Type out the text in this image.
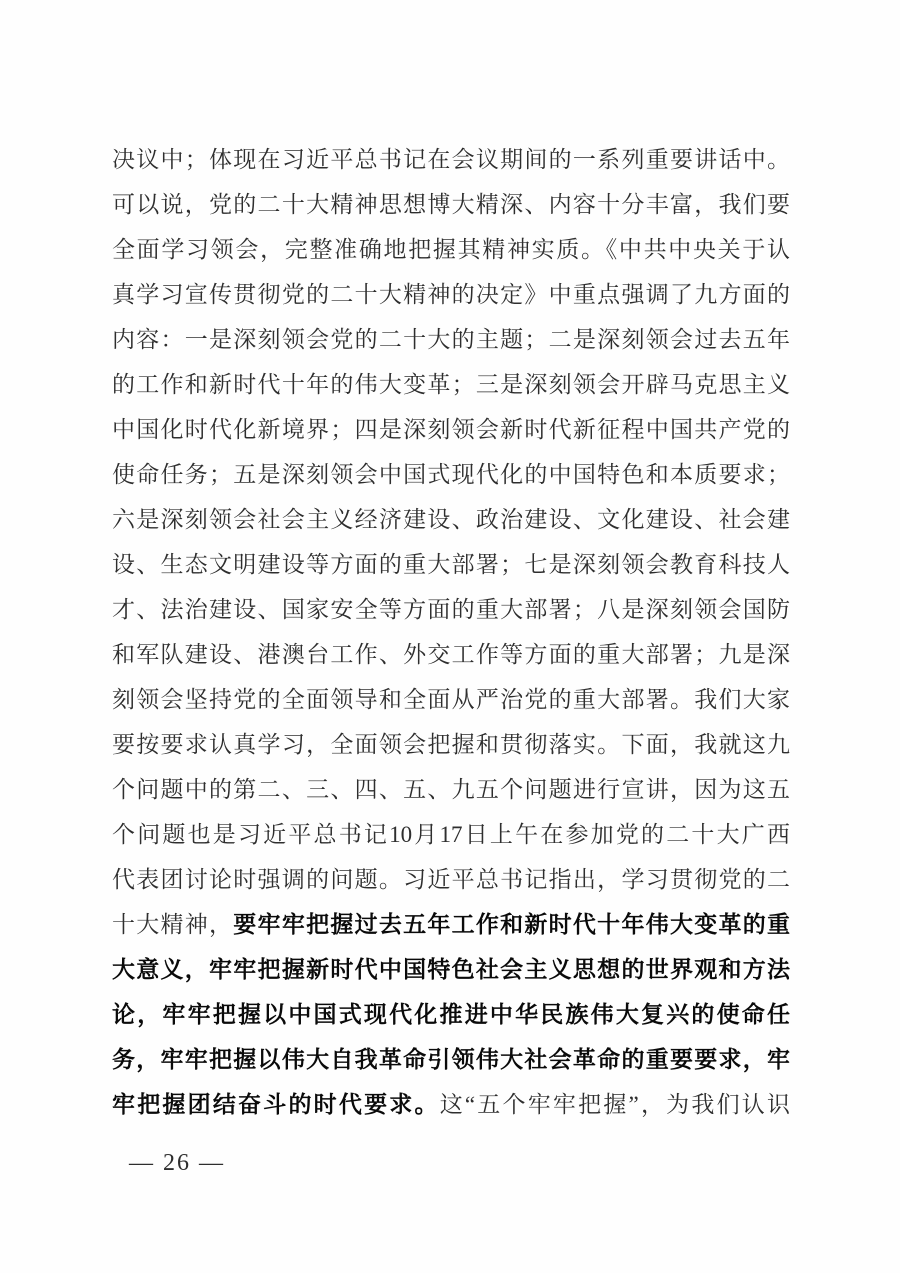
决议中；体现在习近平总书记在会议期间的一系列重要讲话中。
可以说，党的二十大精神思想博大精深、内容十分丰富，我们要
全面学习领会，完整准确地把握其精神实质。《中共中央关于认
真学习宣传贯彻党的二十大精神的决定》中重点强调了九方面的
内容：一是深刻领会党的二十大的主题；二是深刻领会过去五年
的工作和新时代十年的伟大变革；三是深刻领会开辟马克思主义
中国化时代化新境界；四是深刻领会新时代新征程中国共产党的
使命任务；五是深刻领会中国式现代化的中国特色和本质要求；
六是深刻领会社会主义经济建设、政治建设、文化建设、社会建
设、生态文明建设等方面的重大部署；七是深刻领会教育科技人
才、法治建设、国家安全等方面的重大部署；八是深刻领会国防
和军队建设、港澳台工作、外交工作等方面的重大部署；九是深
刻领会坚持党的全面领导和全面从严治党的重大部署。我们大家
要按要求认真学习，全面领会把握和贯彻落实。下面，我就这九
个问题中的第二、三、四、五、九五个问题进行宣讲，因为这五
个问题也是习近平总书记10月17日上午在参加党的二十大广西
代表团讨论时强调的问题。习近平总书记指出，学习贯彻党的二
十大精神，要牢牢把握过去五年工作和新时代十年伟大变革的重
大意义，牢牢把握新时代中国特色社会主义思想的世界观和方法
论，牢牢把握以中国式现代化推进中华民族伟大复兴的使命任
务，牢牢把握以伟大自我革命引领伟大社会革命的重要要求，牢
牢把握团结奋斗的时代要求。这“五个牢牢把握”，为我们认识
— 26 —
